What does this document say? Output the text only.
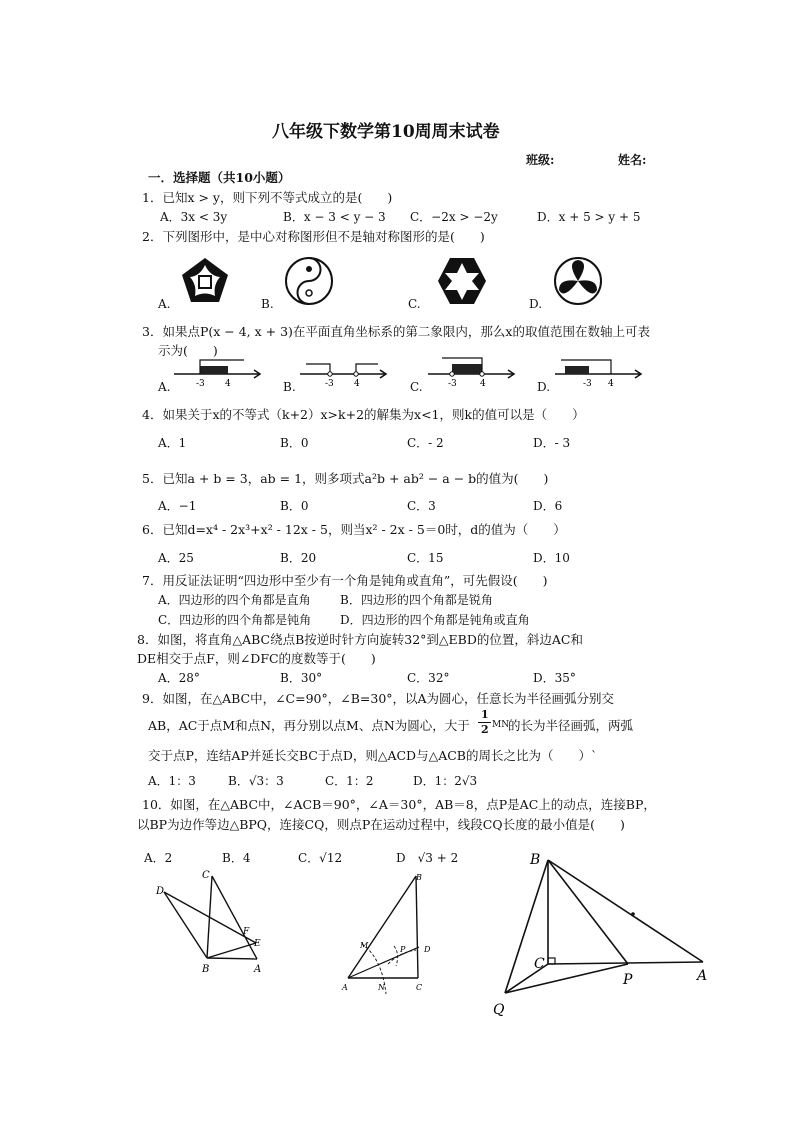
八年级下数学第10周周末试卷
班级:	姓名:
一．选择题（共10小题）
1．已知x > y，则下列不等式成立的是(　　)
A．3x < 3y	B．x − 3 < y − 3 C．−2x > −2y	D．x + 5 > y + 5
2．下列图形中，是中心对称图形但不是轴对称图形的是(　　)
A.	B.	C.	D.
3．如果点P(x − 4, x + 3)在平面直角坐标系的第二象限内，那么x的取值范围在数轴上可表
示为(　　)
A.	B.	C.	D.
-3 4	-3 4	-3	4	-3 4
4．如果关于x的不等式（k+2）x>k+2的解集为x<1，则k的值可以是（　　）
A．1	B．0	C．- 2	D．- 3
5．已知a + b = 3，ab = 1，则多项式a²b + ab² − a − b的值为(　　)
A．−1	B．0	C．3	D．6
6．已知d=x⁴ - 2x³+x² - 12x - 5，则当x² - 2x - 5＝0时，d的值为（　　）
A．25	B．20	C．15	D．10
7．用反证法证明“四边形中至少有一个角是钝角或直角”，可先假设(　　)
A．四边形的四个角都是直角 B．四边形的四个角都是锐角
C．四边形的四个角都是钝角 D．四边形的四个角都是钝角或直角
8．如图，将直角△ABC绕点B按逆时针方向旋转32°到△EBD的位置，斜边AC和
DE相交于点F，则∠DFC的度数等于(　　)
A．28°	B．30°	C．32°	D．35°
9．如图，在△ABC中，∠C=90°，∠B=30°，以A为圆心，任意长为半径画弧分别交
AB，AC于点M和点N，再分别以点M、点N为圆心，大于
1
2 MN
的长为半径画弧，两弧
交于点P，连结AP并延长交BC于点D，则△ACD与△ACB的周长之比为（　　）`
A．1：3	B．√3：3	C．1：2	D．1：2√3
10．如图，在△ABC中，∠ACB＝90°，∠A＝30°，AB＝8，点P是AC上的动点，连接BP，
以BP为边作等边△BPQ，连接CQ，则点P在运动过程中，线段CQ长度的最小值是(　　)
A．2	B．4	C．√12	D　√3 + 2
D
C
F
E
B	A
B
M	P D
A	N	C
B
C
P	A
Q
